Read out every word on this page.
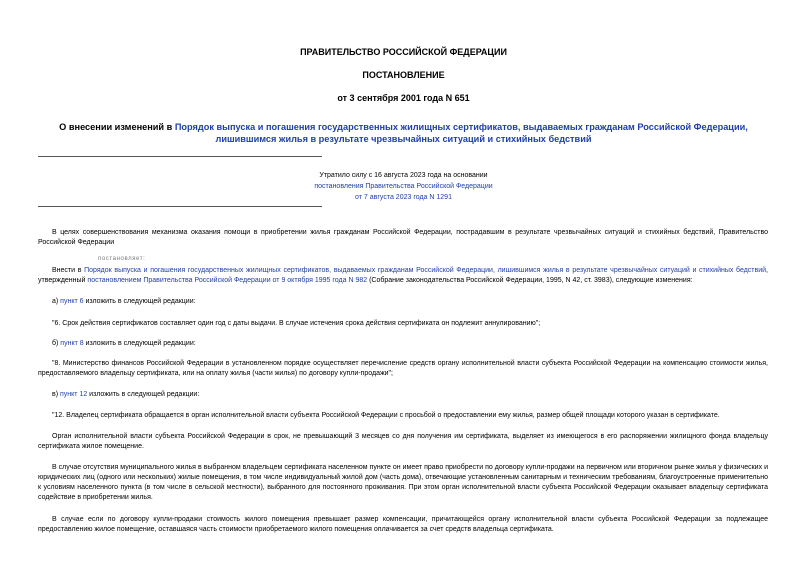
ПРАВИТЕЛЬСТВО РОССИЙСКОЙ ФЕДЕРАЦИИ
ПОСТАНОВЛЕНИЕ
от 3 сентября 2001 года N 651
О внесении изменений в Порядок выпуска и погашения государственных жилищных сертификатов, выдаваемых гражданам Российской Федерации, лишившимся жилья в результате чрезвычайных ситуаций и стихийных бедствий
Утратило силу с 16 августа 2023 года на основании
постановления Правительства Российской Федерации
от 7 августа 2023 года N 1291
В целях совершенствования механизма оказания помощи в приобретении жилья гражданам Российской Федерации, пострадавшим в результате чрезвычайных ситуаций и стихийных бедствий, Правительство Российской Федерации
постановляет:
Внести в Порядок выпуска и погашения государственных жилищных сертификатов, выдаваемых гражданам Российской Федерации, лишившимся жилья в результате чрезвычайных ситуаций и стихийных бедствий, утвержденный постановлением Правительства Российской Федерации от 9 октября 1995 года N 982 (Собрание законодательства Российской Федерации, 1995, N 42, ст. 3983), следующие изменения:
а) пункт 6 изложить в следующей редакции:
"6. Срок действия сертификатов составляет один год с даты выдачи. В случае истечения срока действия сертификата он подлежит аннулированию";
б) пункт 8 изложить в следующей редакции:
"8. Министерство финансов Российской Федерации в установленном порядке осуществляет перечисление средств органу исполнительной власти субъекта Российской Федерации на компенсацию стоимости жилья, предоставляемого владельцу сертификата, или на оплату жилья (части жилья) по договору купли-продажи";
в) пункт 12 изложить в следующей редакции:
"12. Владелец сертификата обращается в орган исполнительной власти субъекта Российской Федерации с просьбой о предоставлении ему жилья, размер общей площади которого указан в сертификате.
Орган исполнительной власти субъекта Российской Федерации в срок, не превышающий 3 месяцев со дня получения им сертификата, выделяет из имеющегося в его распоряжении жилищного фонда владельцу сертификата жилое помещение.
В случае отсутствия муниципального жилья в выбранном владельцем сертификата населенном пункте он имеет право приобрести по договору купли-продажи на первичном или вторичном рынке жилья у физических и юридических лиц (одного или нескольких) жилые помещения, в том числе индивидуальный жилой дом (часть дома), отвечающие установленным санитарным и техническим требованиям, благоустроенные применительно к условиям населенного пункта (в том числе в сельской местности), выбранного для постоянного проживания. При этом орган исполнительной власти субъекта Российской Федерации оказывает владельцу сертификата содействие в приобретении жилья.
В случае если по договору купли-продажи стоимость жилого помещения превышает размер компенсации, причитающейся органу исполнительной власти субъекта Российской Федерации за подлежащее предоставлению жилое помещение, оставшаяся часть стоимости приобретаемого жилого помещения оплачивается за счет средств владельца сертификата.
